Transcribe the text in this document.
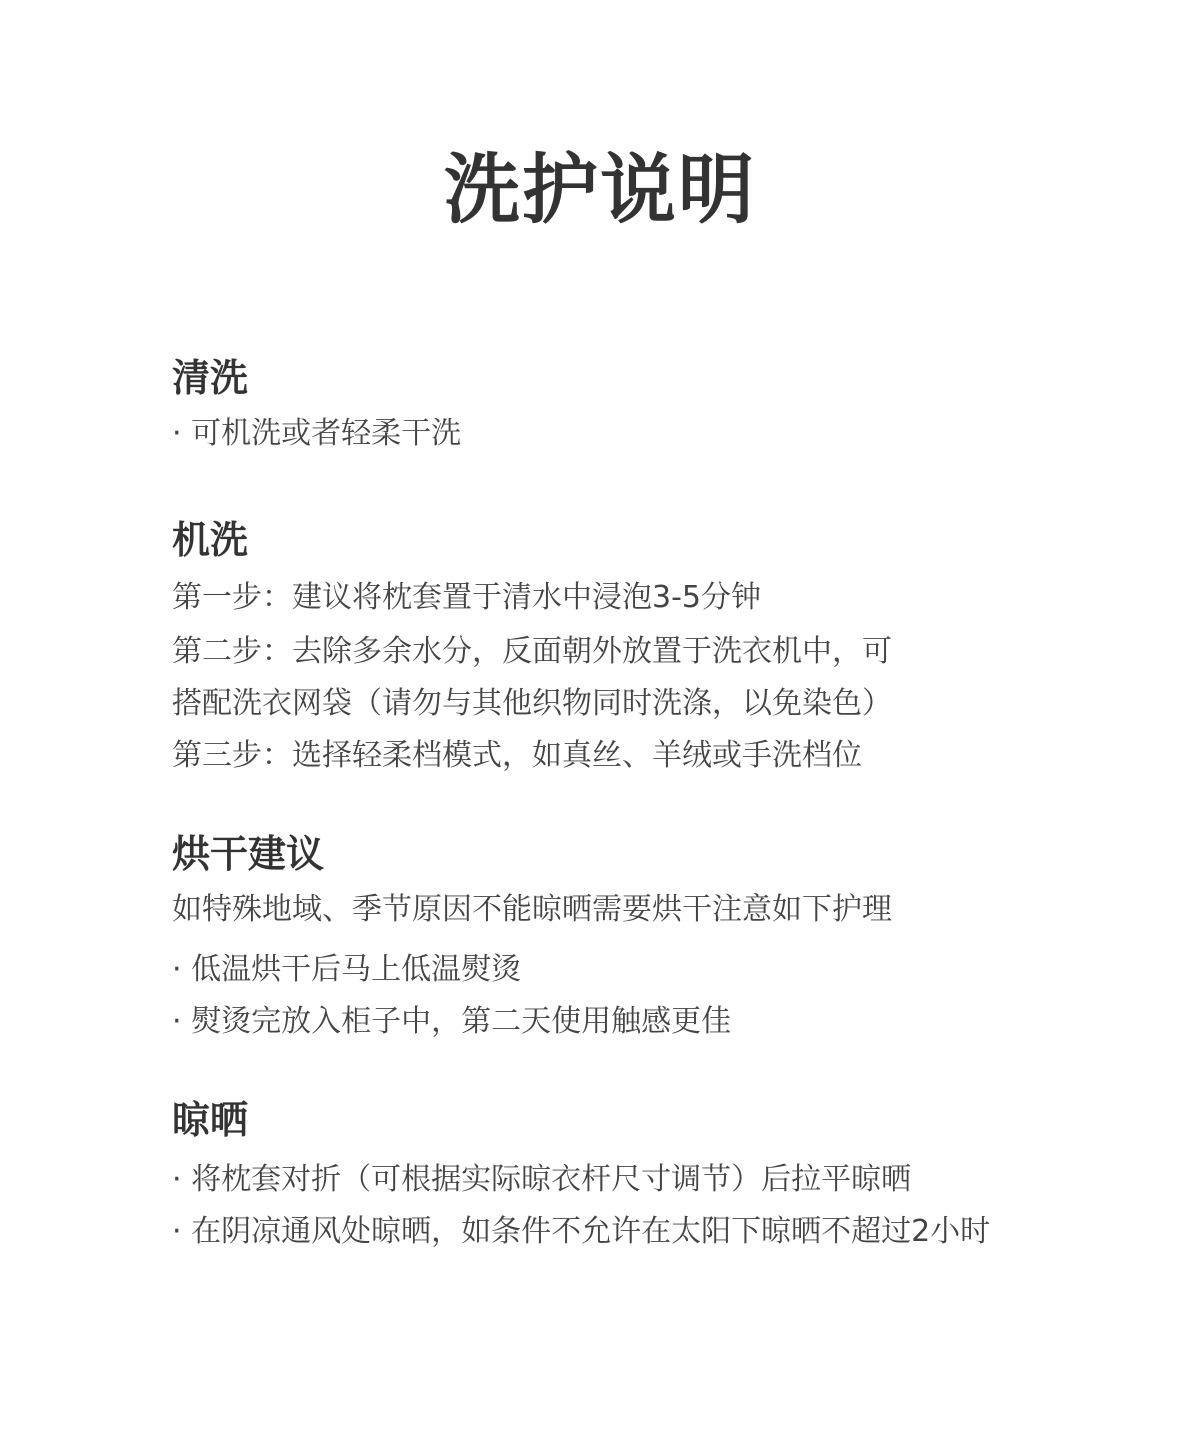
洗护说明
清洗

· 可机洗或者轻柔干洗

机洗

第一步：建议将枕套置于清水中浸泡3-5分钟

第二步：去除多余水分，反面朝外放置于洗衣机中，可

搭配洗衣网袋（请勿与其他织物同时洗涤，以免染色）

第三步：选择轻柔档模式，如真丝、羊绒或手洗档位

烘干建议

如特殊地域、季节原因不能晾晒需要烘干注意如下护理

· 低温烘干后马上低温熨烫

· 熨烫完放入柜子中，第二天使用触感更佳

晾晒

· 将枕套对折（可根据实际晾衣杆尺寸调节）后拉平晾晒

· 在阴凉通风处晾晒，如条件不允许在太阳下晾晒不超过2小时
